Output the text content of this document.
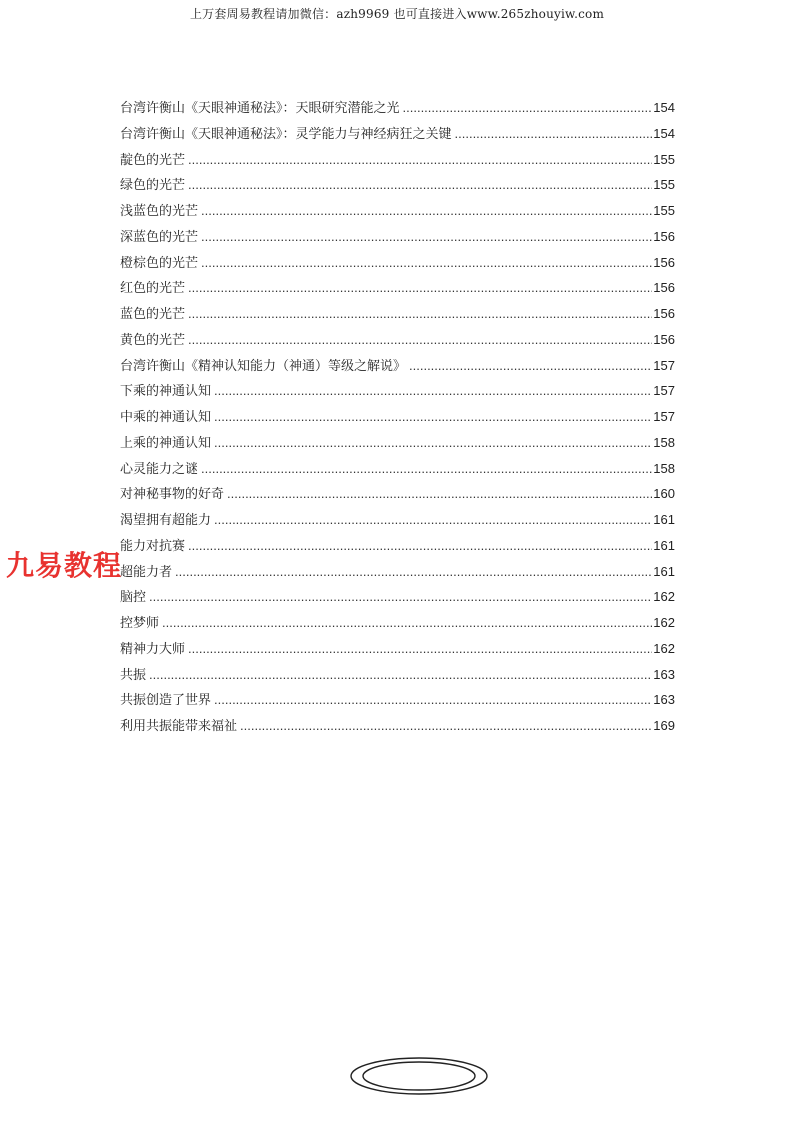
上万套周易教程请加微信：azh9969 也可直接进入www.265zhouyiw.com
台湾许衡山《天眼神通秘法》：天眼研究潜能之光 .....	154
台湾许衡山《天眼神通秘法》：灵学能力与神经病狂之关键 .....	154
靛色的光芒 .....	155
绿色的光芒 .....	155
浅蓝色的光芒 .....	155
深蓝色的光芒 .....	156
橙棕色的光芒 .....	156
红色的光芒 .....	156
蓝色的光芒 .....	156
黄色的光芒 .....	156
台湾许衡山《精神认知能力（神通）等级之解说》 .....	157
下乘的神通认知 .....	157
中乘的神通认知 .....	157
上乘的神通认知 .....	158
心灵能力之谜 .....	158
对神秘事物的好奇 .....	160
渴望拥有超能力 .....	161
能力对抗赛 .....	161
超能力者 .....	161
脑控 .....	162
控梦师 .....	162
精神力大师 .....	162
共振 .....	163
共振创造了世界 .....	163
利用共振能带来福祉 .....	169
九易教程
